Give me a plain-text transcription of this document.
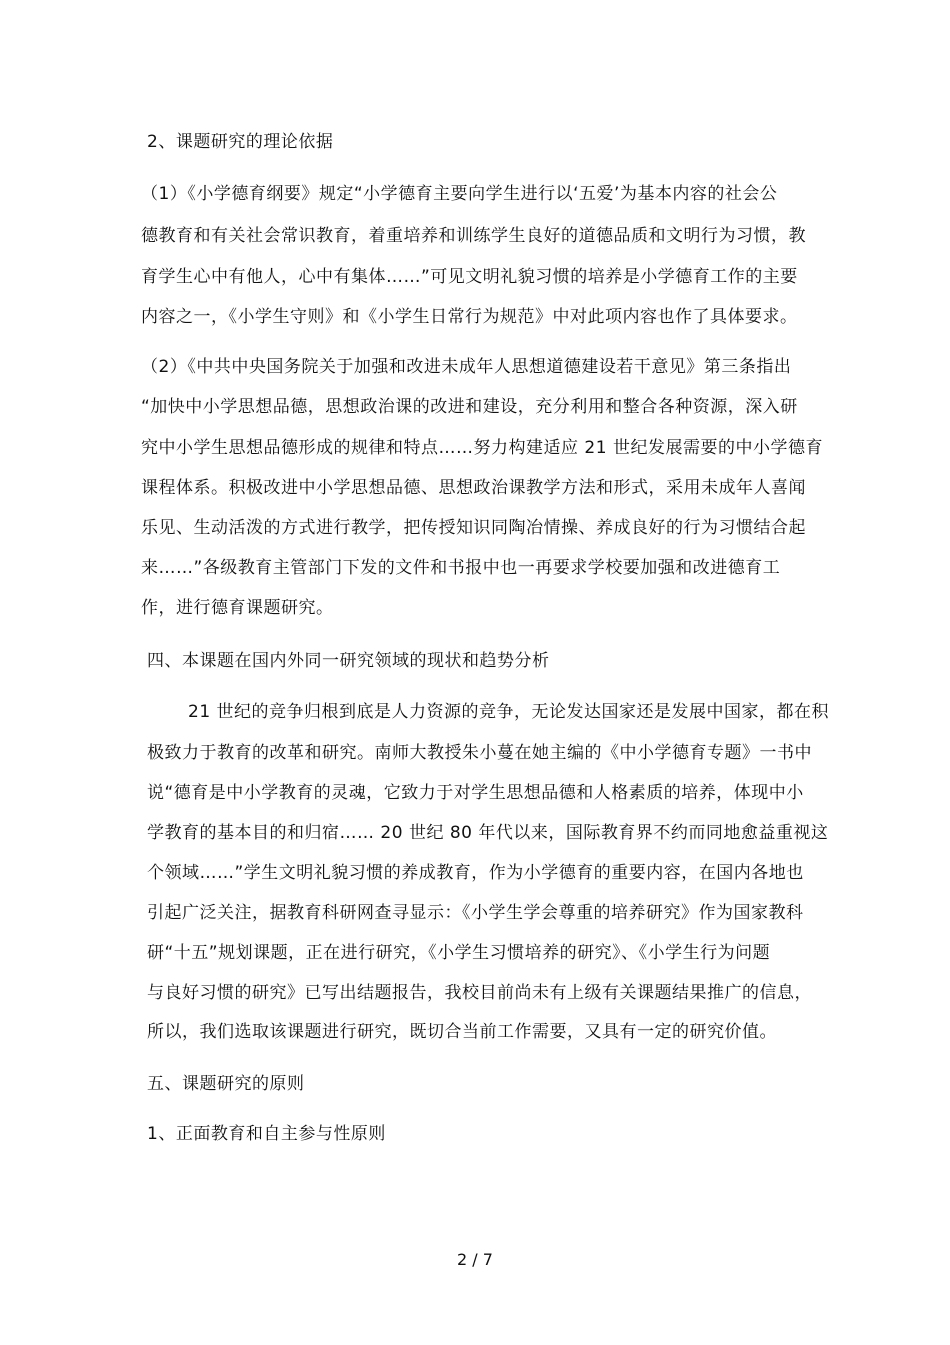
2、课题研究的理论依据
（1）《小学德育纲要》规定“小学德育主要向学生进行以‘五爱’为基本内容的社会公
德教育和有关社会常识教育，着重培养和训练学生良好的道德品质和文明行为习惯，教
育学生心中有他人，心中有集体……”可见文明礼貌习惯的培养是小学德育工作的主要
内容之一，《小学生守则》和《小学生日常行为规范》中对此项内容也作了具体要求。
（2）《中共中央国务院关于加强和改进未成年人思想道德建设若干意见》第三条指出
“加快中小学思想品德，思想政治课的改进和建设，充分利用和整合各种资源，深入研
究中小学生思想品德形成的规律和特点……努力构建适应 21 世纪发展需要的中小学德育
课程体系。积极改进中小学思想品德、思想政治课教学方法和形式，采用未成年人喜闻
乐见、生动活泼的方式进行教学，把传授知识同陶冶情操、养成良好的行为习惯结合起
来……”各级教育主管部门下发的文件和书报中也一再要求学校要加强和改进德育工
作，进行德育课题研究。
四、本课题在国内外同一研究领域的现状和趋势分析
21 世纪的竞争归根到底是人力资源的竞争，无论发达国家还是发展中国家，都在积
极致力于教育的改革和研究。南师大教授朱小蔓在她主编的《中小学德育专题》一书中
说“德育是中小学教育的灵魂，它致力于对学生思想品德和人格素质的培养，体现中小
学教育的基本目的和归宿…… 20 世纪 80 年代以来，国际教育界不约而同地愈益重视这
个领域……”学生文明礼貌习惯的养成教育，作为小学德育的重要内容，在国内各地也
引起广泛关注，据教育科研网查寻显示：《小学生学会尊重的培养研究》作为国家教科
研“十五”规划课题，正在进行研究，《小学生习惯培养的研究》、《小学生行为问题
与良好习惯的研究》已写出结题报告，我校目前尚未有上级有关课题结果推广的信息，
所以，我们选取该课题进行研究，既切合当前工作需要，又具有一定的研究价值。
五、课题研究的原则
1、正面教育和自主参与性原则
2 / 7
